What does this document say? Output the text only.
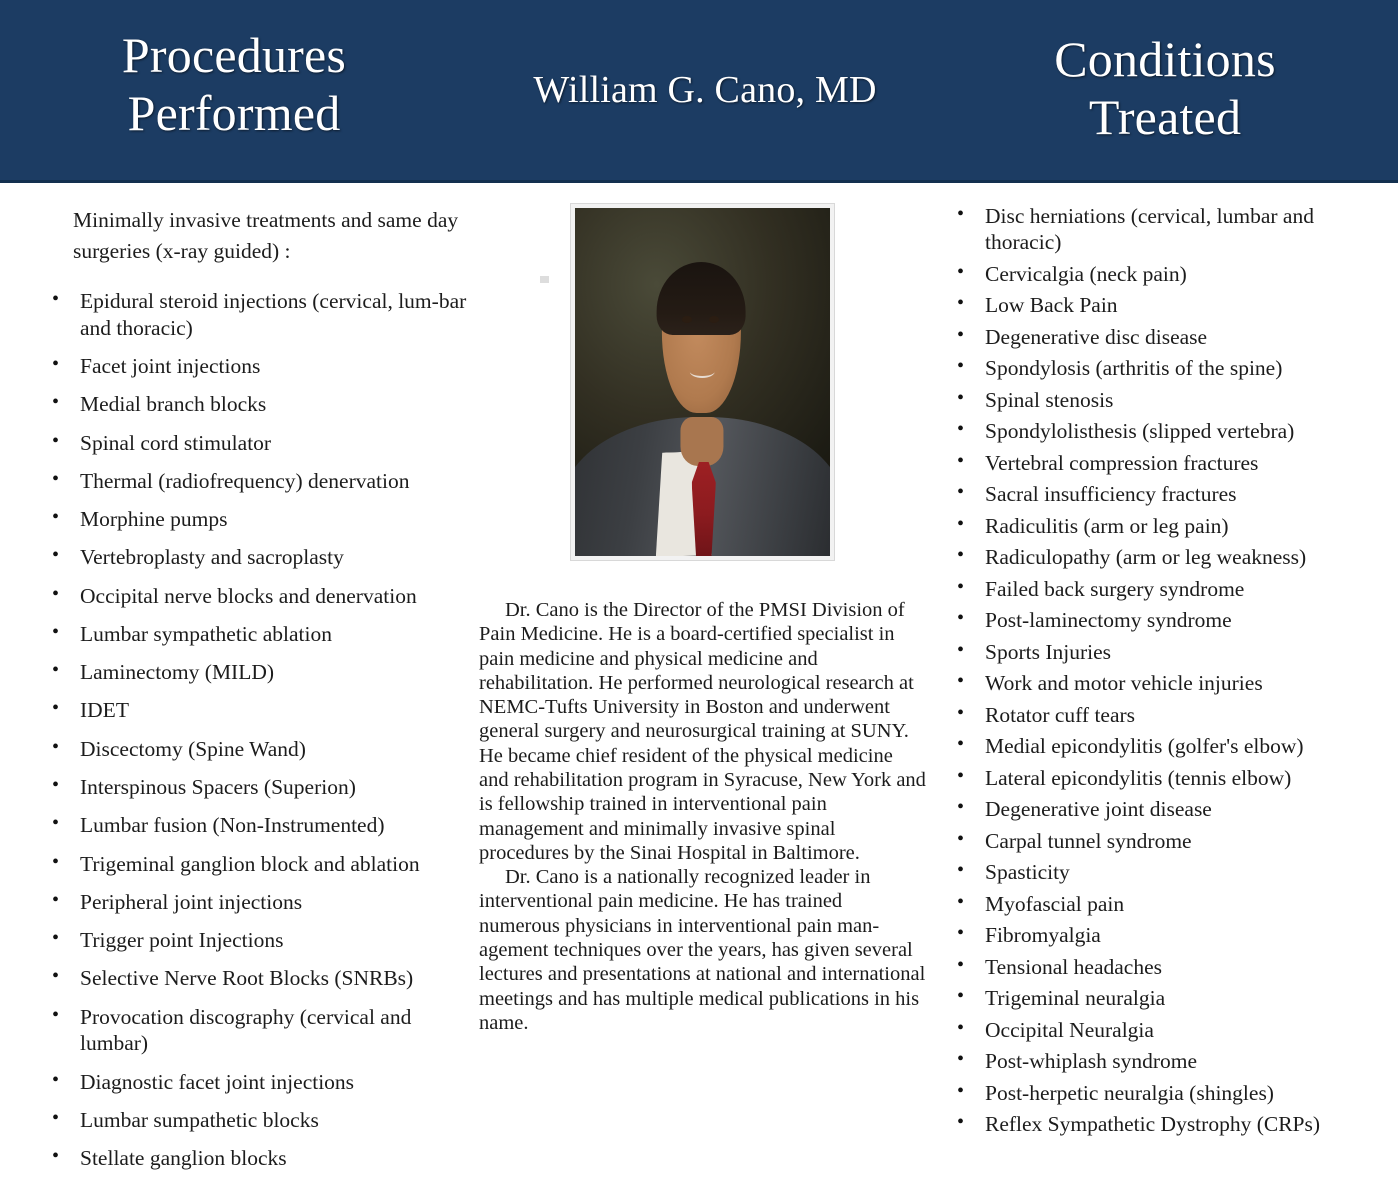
Procedures Performed	William G. Cano, MD
Conditions Treated

Minimally invasive treatments and same day surgeries (x-ray guided) :

• Epidural steroid injections (cervical, lum-bar and thoracic)
• Facet joint injections
• Medial branch blocks
• Spinal cord stimulator
• Thermal (radiofrequency) denervation
• Morphine pumps
• Vertebroplasty and sacroplasty
• Occipital nerve blocks and denervation
• Lumbar sympathetic ablation
• Laminectomy (MILD)
• IDET
• Discectomy (Spine Wand)
• Interspinous Spacers (Superion)
• Lumbar fusion (Non-Instrumented)
• Trigeminal ganglion block and ablation
• Peripheral joint injections
• Trigger point Injections
• Selective Nerve Root Blocks (SNRBs)
• Provocation discography (cervical and lumbar)
• Diagnostic facet joint injections
• Lumbar sumpathetic blocks
• Stellate ganglion blocks

Dr. Cano is the Director of the PMSI Division of Pain Medicine. He is a board-certified specialist in pain medicine and physical medicine and rehabilitation. He performed neurological research at NEMC-Tufts University in Boston and underwent general surgery and neurosurgical training at SUNY. He became chief resident of the physical medicine and rehabilitation program in Syracuse, New York and is fellowship trained in interventional pain management and minimally invasive spinal procedures by the Sinai Hospital in Baltimore.

Dr. Cano is a nationally recognized leader in interventional pain medicine. He has trained numerous physicians in interventional pain man-agement techniques over the years, has given several lectures and presentations at national and international meetings and has multiple medical publications in his name.

• Disc herniations (cervical, lumbar and thoracic)
• Cervicalgia (neck pain)
• Low Back Pain
• Degenerative disc disease
• Spondylosis (arthritis of the spine)
• Spinal stenosis
• Spondylolisthesis (slipped vertebra)
• Vertebral compression fractures
• Sacral insufficiency fractures
• Radiculitis (arm or leg pain)
• Radiculopathy (arm or leg weakness)
• Failed back surgery syndrome
• Post-laminectomy syndrome
• Sports Injuries
• Work and motor vehicle injuries
• Rotator cuff tears
• Medial epicondylitis (golfer's elbow)
• Lateral epicondylitis (tennis elbow)
• Degenerative joint disease
• Carpal tunnel syndrome
• Spasticity
• Myofascial pain
• Fibromyalgia
• Tensional headaches
• Trigeminal neuralgia
• Occipital Neuralgia
• Post-whiplash syndrome
• Post-herpetic neuralgia (shingles)
• Reflex Sympathetic Dystrophy (CRPs)
